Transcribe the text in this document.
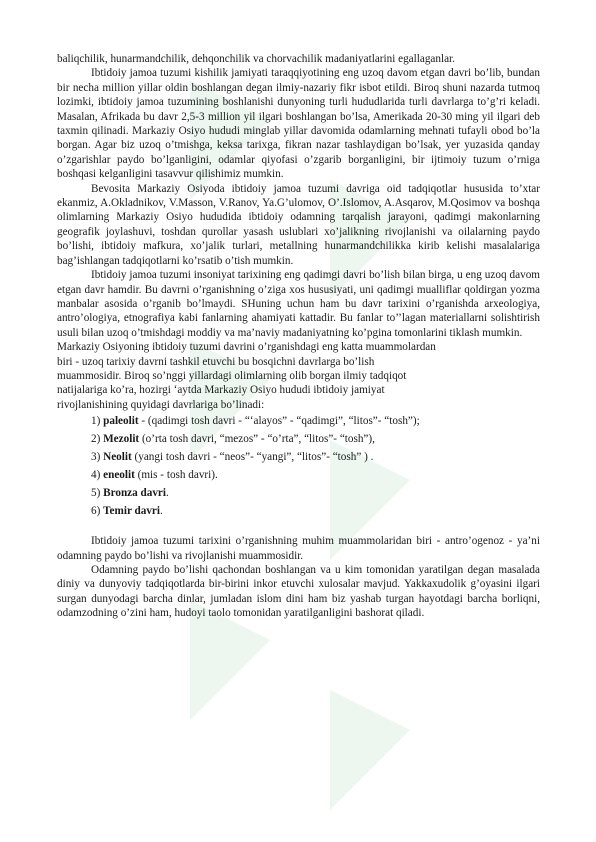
baliqchilik, hunarmandchilik, dehqonchilik va chorvachilik madaniyatlarini egallaganlar.

Ibtidoiy jamoa tuzumi kishilik jamiyati taraqqiyotining eng uzoq davom etgan davri bo’lib, bundan bir necha million yillar oldin boshlangan degan ilmiy-nazariy fikr isbot etildi. Biroq shuni nazarda tutmoq lozimki, ibtidoiy jamoa tuzumining boshlanishi dunyoning turli hududlarida turli davrlarga to’g’ri keladi. Masalan, Afrikada bu davr 2,5-3 million yil ilgari boshlangan bo’lsa, Amerikada 20-30 ming yil ilgari deb taxmin qilinadi. Markaziy Osiyo hududi minglab yillar davomida odamlarning mehnati tufayli obod bo’la borgan. Agar biz uzoq o’tmishga, keksa tarixga, fikran nazar tashlaydigan bo’lsak, yer yuzasida qanday o’zgarishlar paydo bo’lganligini, odamlar qiyofasi o’zgarib borganligini, bir ijtimoiy tuzum o’rniga boshqasi kelganligini tasavvur qilishimiz mumkin.

Bevosita Markaziy Osiyoda ibtidoiy jamoa tuzumi davriga oid tadqiqotlar hususida to’xtar ekanmiz, A.Okladnikov, V.Masson, V.Ranov, Ya.G’ulomov, O’.Islomov, A.Asqarov, M.Qosimov va boshqa olimlarning Markaziy Osiyo hududida ibtidoiy odamning tarqalish jarayoni, qadimgi makonlarning geografik joylashuvi, toshdan qurollar yasash uslublari xo’jalikning rivojlanishi va oilalarning paydo bo’lishi, ibtidoiy mafkura, xo’jalik turlari, metallning hunarmandchilikka kirib kelishi masalalariga bag’ishlangan tadqiqotlarni ko’rsatib o’tish mumkin.

Ibtidoiy jamoa tuzumi insoniyat tarixining eng qadimgi davri bo’lish bilan birga, u eng uzoq davom etgan davr hamdir. Bu davrni o’rganishning o’ziga xos hususiyati, uni qadimgi mualliflar qoldirgan yozma manbalar asosida o’rganib bo’lmaydi. SHuning uchun ham bu davr tarixini o’rganishda arxeologiya, antro’ologiya, etnografiya kabi fanlarning ahamiyati kattadir. Bu fanlar to’’lagan materiallarni solishtirish usuli bilan uzoq o’tmishdagi moddiy va ma’naviy madaniyatning ko’pgina tomonlarini tiklash mumkin.

Markaziy Osiyoning ibtidoiy tuzumi davrini o’rganishdagi eng katta muammolardan
biri - uzoq tarixiy davrni tashkil etuvchi bu bosqichni davrlarga bo’lish
muammosidir. Biroq so’nggi yillardagi olimlarning olib borgan ilmiy tadqiqot
natijalariga ko’ra, hozirgi ‘aytda Markaziy Osiyo hududi ibtidoiy jamiyat
rivojlanishining quyidagi davrlariga bo’linadi:
1) paleolit - (qadimgi tosh davri - “‘alayos” - “qadimgi”, “litos”- “tosh”);
2) Mezolit (o’rta tosh davri, “mezos” - “o’rta”, “litos”- “tosh”),
3) Neolit (yangi tosh davri - “neos”- “yangi”, “litos”- “tosh” ) .
4) eneolit (mis - tosh davri).
5) Bronza davri.
6) Temir davri.

Ibtidoiy jamoa tuzumi tarixini o’rganishning muhim muammolaridan biri - antro’ogenoz - ya’ni odamning paydo bo’lishi va rivojlanishi muammosidir.

Odamning paydo bo’lishi qachondan boshlangan va u kim tomonidan yaratilgan degan masalada diniy va dunyoviy tadqiqotlarda bir-birini inkor etuvchi xulosalar mavjud. Yakkaxudolik g’oyasini ilgari surgan dunyodagi barcha dinlar, jumladan islom dini ham biz yashab turgan hayotdagi barcha borliqni, odamzodning o’zini ham, hudoyi taolo tomonidan yaratilganligini bashorat qiladi.
